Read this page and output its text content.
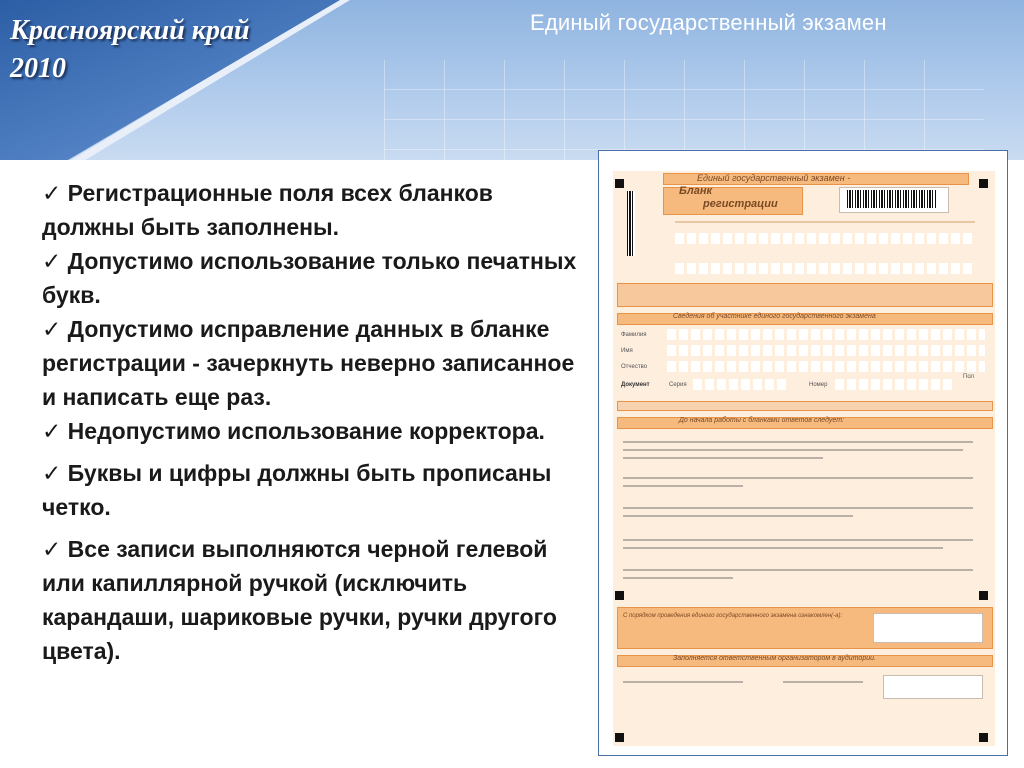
Красноярский край
2010
Единый государственный экзамен
✓ Регистрационные поля всех бланков должны быть заполнены.
✓ Допустимо использование только печатных букв.
✓ Допустимо исправление данных в бланке регистрации - зачеркнуть неверно записанное и написать еще раз.
✓ Недопустимо использование корректора.
✓ Буквы и цифры должны быть прописаны четко.
✓ Все записи выполняются черной гелевой или капиллярной ручкой (исключить карандаши, шариковые ручки, ручки другого цвета).
Единый государственный экзамен -
Бланк
регистрации
Сведения об участнике единого государственного экзамена
Фамилия
Имя
Отчество
Документ	Серия	Номер
Пол
До начала работы с бланками ответов следует:
С порядком проведения единого государственного экзамена ознакомлен(-а):
Заполняется ответственным организатором в аудитории.
